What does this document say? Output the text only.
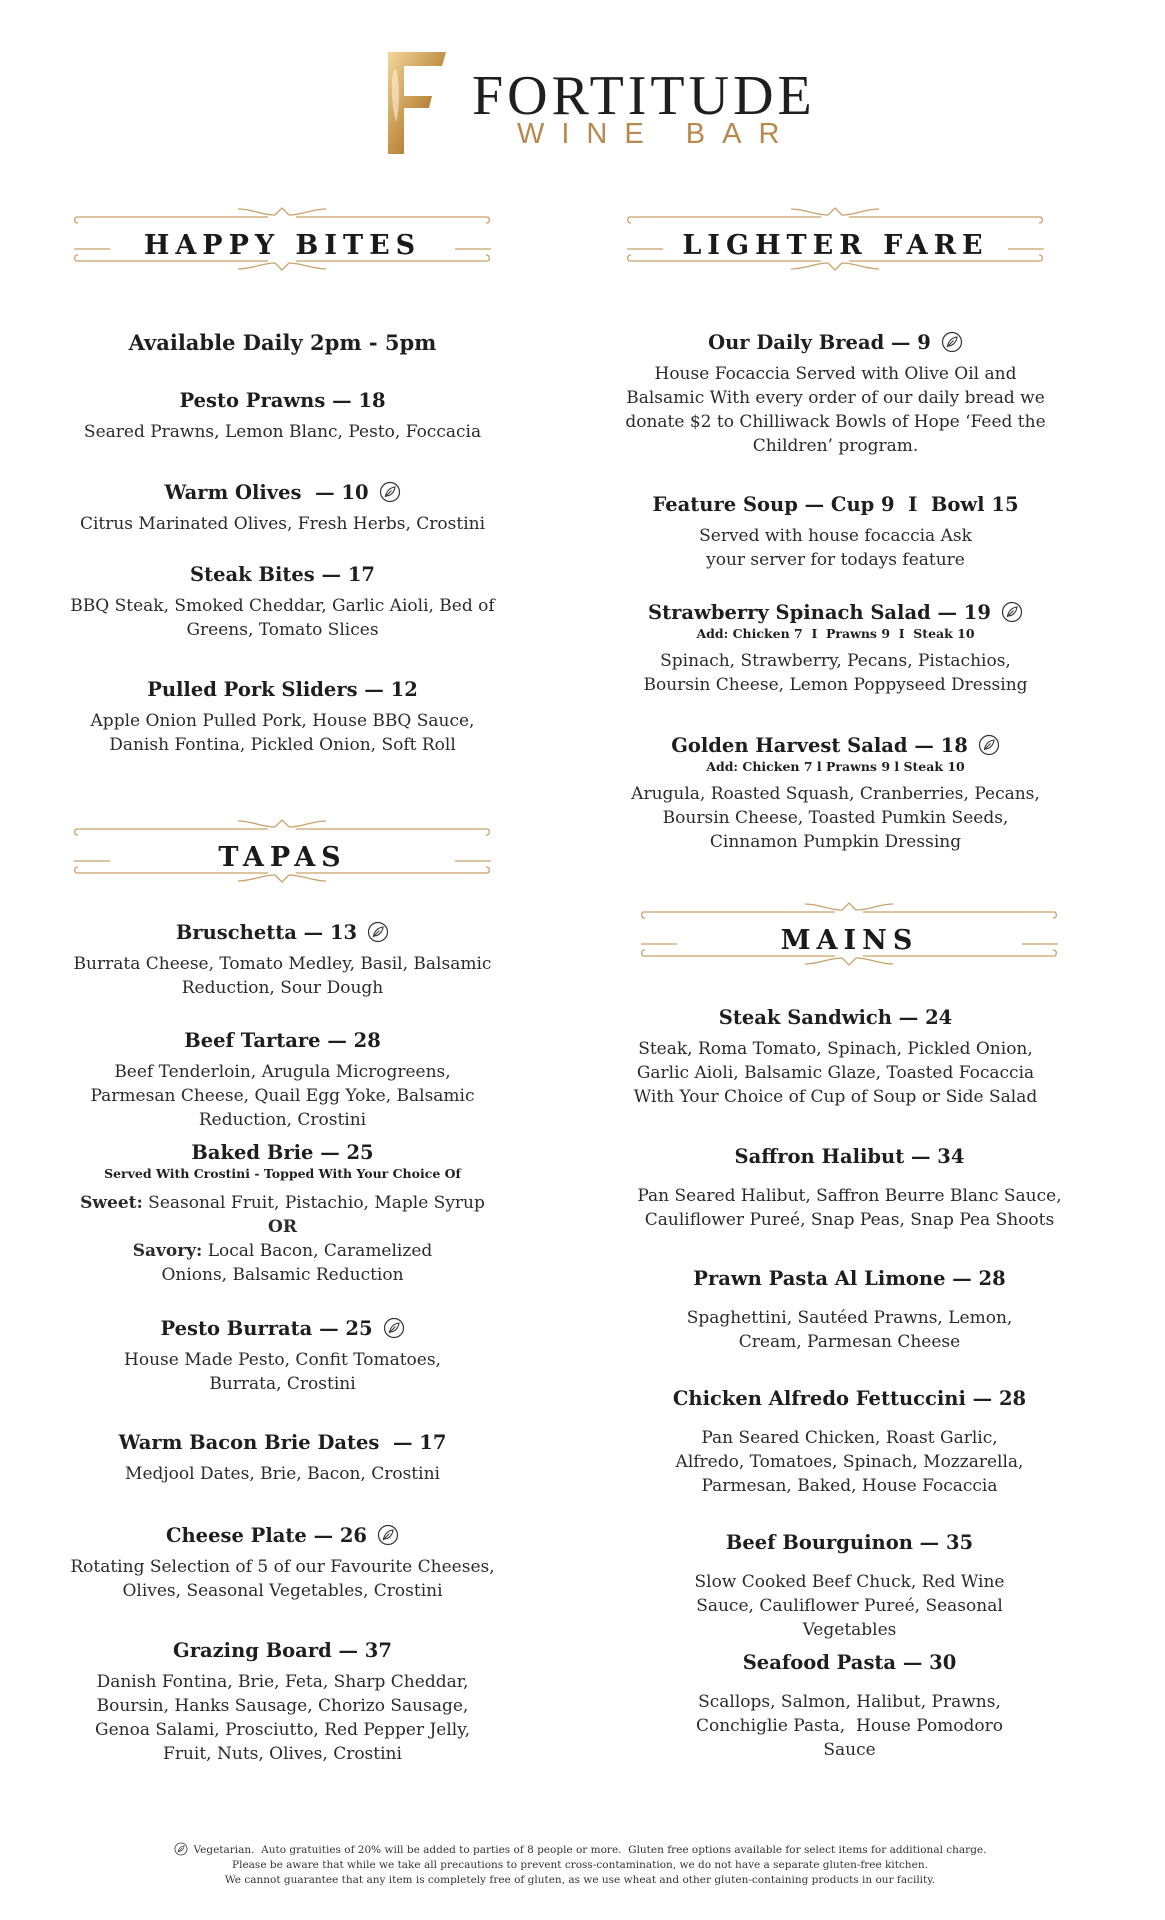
FORTITUDE
WINE BAR
HAPPY BITES
Available Daily 2pm - 5pm
Pesto Prawns — 18
Seared Prawns, Lemon Blanc, Pesto, Foccacia
Warm Olives  — 10
Citrus Marinated Olives, Fresh Herbs, Crostini
Steak Bites — 17
BBQ Steak, Smoked Cheddar, Garlic Aioli, Bed of Greens, Tomato Slices
Pulled Pork Sliders — 12
Apple Onion Pulled Pork, House BBQ Sauce, Danish Fontina, Pickled Onion, Soft Roll
TAPAS
Bruschetta — 13
Burrata Cheese, Tomato Medley, Basil, Balsamic Reduction, Sour Dough
Beef Tartare — 28
Beef Tenderloin, Arugula Microgreens, Parmesan Cheese, Quail Egg Yoke, Balsamic Reduction, Crostini
Baked Brie — 25
Served With Crostini - Topped With Your Choice Of
Sweet: Seasonal Fruit, Pistachio, Maple Syrup
OR
Savory: Local Bacon, Caramelized Onions, Balsamic Reduction
Pesto Burrata — 25
House Made Pesto, Confit Tomatoes, Burrata, Crostini
Warm Bacon Brie Dates  — 17
Medjool Dates, Brie, Bacon, Crostini
Cheese Plate — 26
Rotating Selection of 5 of our Favourite Cheeses, Olives, Seasonal Vegetables, Crostini
Grazing Board — 37
Danish Fontina, Brie, Feta, Sharp Cheddar, Boursin, Hanks Sausage, Chorizo Sausage, Genoa Salami, Prosciutto, Red Pepper Jelly, Fruit, Nuts, Olives, Crostini
LIGHTER FARE
Our Daily Bread — 9
House Focaccia Served with Olive Oil and Balsamic With every order of our daily bread we donate $2 to Chilliwack Bowls of Hope ‘Feed the Children’ program.
Feature Soup — Cup 9  I  Bowl 15
Served with house focaccia Ask your server for todays feature
Strawberry Spinach Salad — 19
Add: Chicken 7  I  Prawns 9  I  Steak 10
Spinach, Strawberry, Pecans, Pistachios, Boursin Cheese, Lemon Poppyseed Dressing
Golden Harvest Salad — 18
Add: Chicken 7 l Prawns 9 l Steak 10
Arugula, Roasted Squash, Cranberries, Pecans, Boursin Cheese, Toasted Pumkin Seeds, Cinnamon Pumpkin Dressing
MAINS
Steak Sandwich — 24
Steak, Roma Tomato, Spinach, Pickled Onion, Garlic Aioli, Balsamic Glaze, Toasted Focaccia With Your Choice of Cup of Soup or Side Salad
Saffron Halibut — 34
Pan Seared Halibut, Saffron Beurre Blanc Sauce, Cauliflower Pureé, Snap Peas, Snap Pea Shoots
Prawn Pasta Al Limone — 28
Spaghettini, Sautéed Prawns, Lemon, Cream, Parmesan Cheese
Chicken Alfredo Fettuccini — 28
Pan Seared Chicken, Roast Garlic, Alfredo, Tomatoes, Spinach, Mozzarella, Parmesan, Baked, House Focaccia
Beef Bourguinon — 35
Slow Cooked Beef Chuck, Red Wine Sauce, Cauliflower Pureé, Seasonal Vegetables
Seafood Pasta — 30
Scallops, Salmon, Halibut, Prawns, Conchiglie Pasta,  House Pomodoro Sauce
Vegetarian.  Auto gratuities of 20% will be added to parties of 8 people or more.  Gluten free options available for select items for additional charge.
Please be aware that while we take all precautions to prevent cross-contamination, we do not have a separate gluten-free kitchen.
We cannot guarantee that any item is completely free of gluten, as we use wheat and other gluten-containing products in our facility.
